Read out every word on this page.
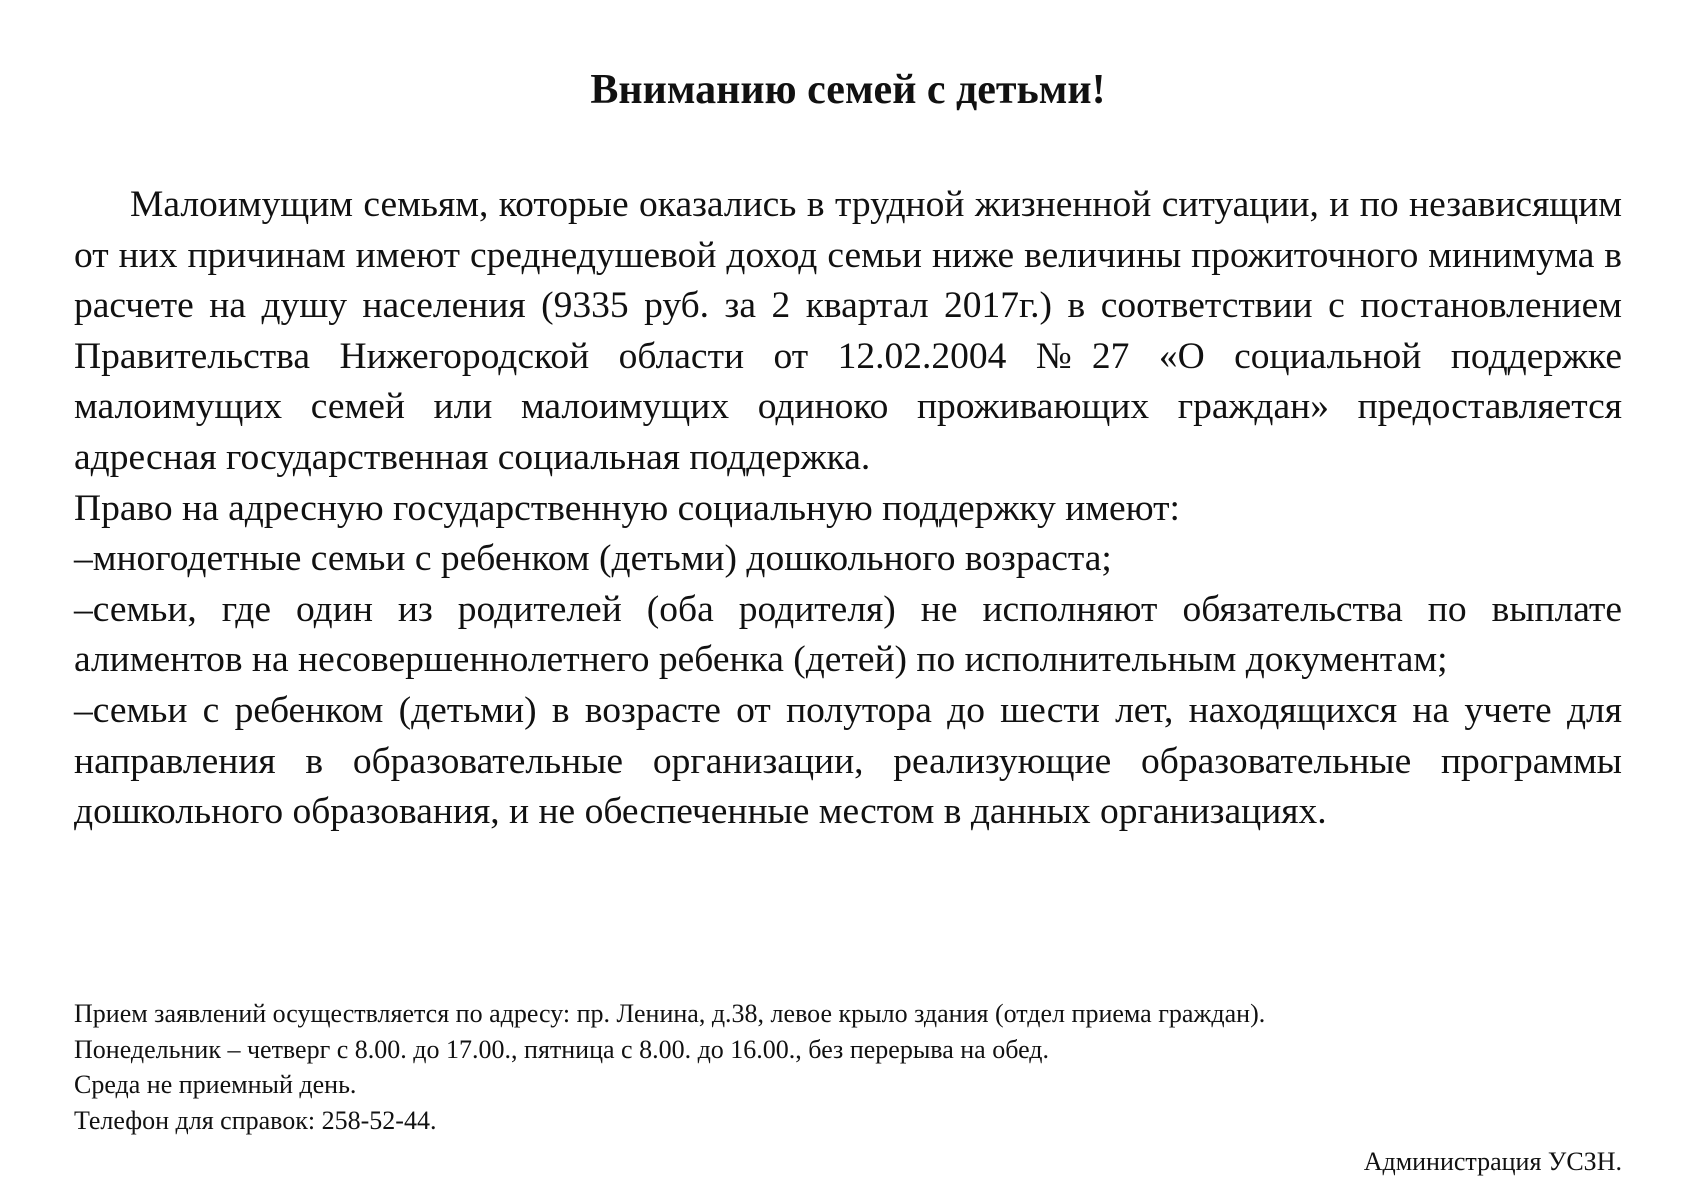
Вниманию семей с детьми!

Малоимущим семьям, которые оказались в трудной жизненной ситуации, и по независящим от них причинам имеют среднедушевой доход семьи ниже величины прожиточного минимума в расчете на душу населения (9335 руб. за 2 квартал 2017г.) в соответствии с постановлением Правительства Нижегородской области от 12.02.2004 №27 «О социальной поддержке малоимущих семей или малоимущих одиноко проживающих граждан» предоставляется адресная государственная социальная поддержка.

Право на адресную государственную социальную поддержку имеют:

–многодетные семьи с ребенком (детьми) дошкольного возраста;

–семьи, где один из родителей (оба родителя) не исполняют обязательства по выплате алиментов на несовершеннолетнего ребенка (детей) по исполнительным документам;

–семьи с ребенком (детьми) в возрасте от полутора до шести лет, находящихся на учете для направления в образовательные организации, реализующие образовательные программы дошкольного образования, и не обеспеченные местом в данных организациях.

Прием заявлений осуществляется по адресу: пр. Ленина, д.38, левое крыло здания (отдел приема граждан).

Понедельник – четверг с 8.00. до 17.00., пятница с 8.00. до 16.00., без перерыва на обед.

Среда не приемный день.

Телефон для справок: 258-52-44.

Администрация УСЗН.
